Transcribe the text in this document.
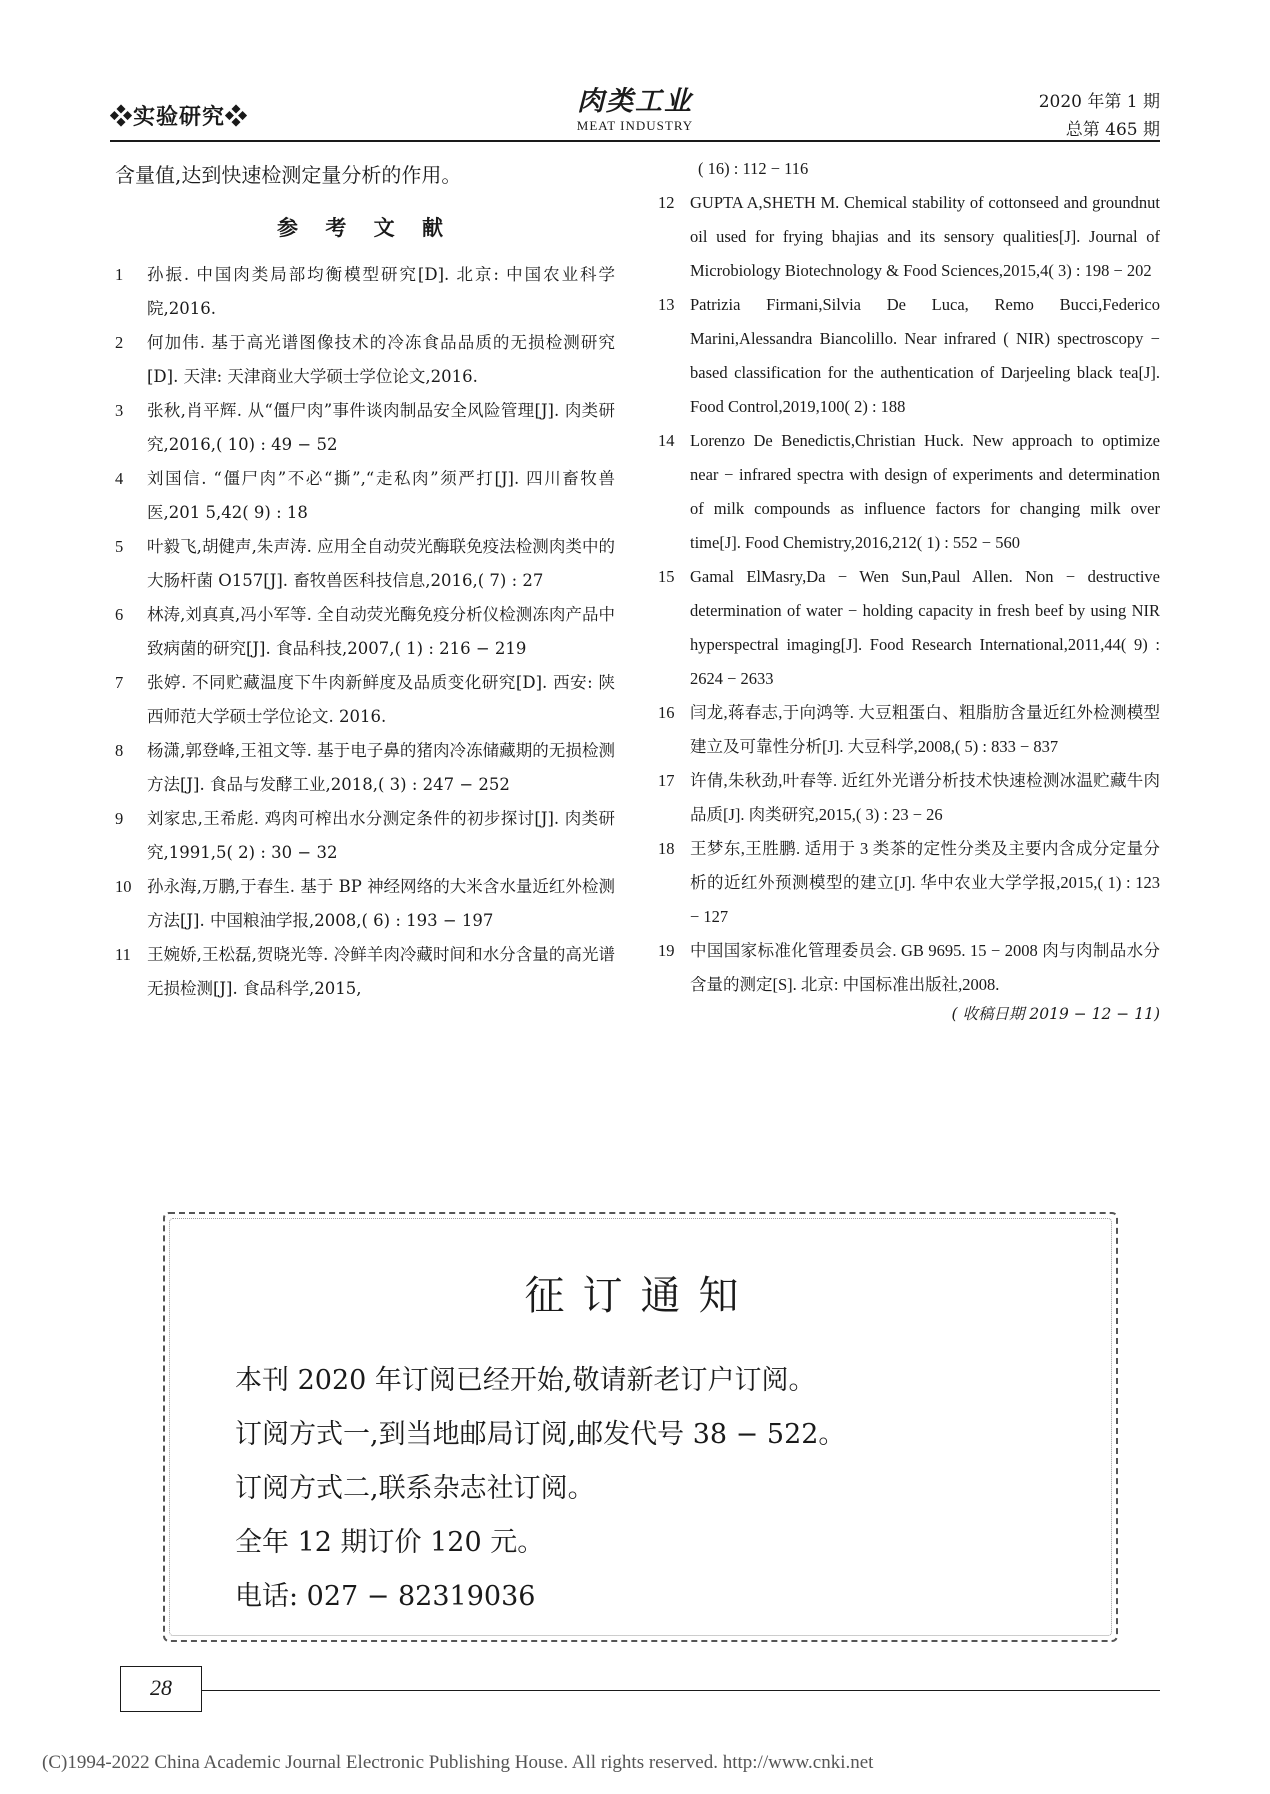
❖实验研究❖	肉类工业
MEAT INDUSTRY
2020 年第 1 期
总第 465 期
含量值,达到快速检测定量分析的作用。
参 考 文 献
1 孙振. 中国肉类局部均衡模型研究[D]. 北京: 中国农业科学院,2016.
2 何加伟. 基于高光谱图像技术的冷冻食品品质的无损检测研究[D]. 天津: 天津商业大学硕士学位论文,2016.
3 张秋,肖平辉. 从“僵尸肉”事件谈肉制品安全风险管理[J]. 肉类研究,2016,( 10) : 49 − 52
4 刘国信. “僵尸肉”不必“撕”,“走私肉”须严打[J]. 四川畜牧兽医,201 5,42( 9) : 18
5 叶毅飞,胡健声,朱声涛. 应用全自动荧光酶联免疫法检测肉类中的大肠杆菌 O157[J]. 畜牧兽医科技信息,2016,( 7) : 27
6 林涛,刘真真,冯小军等. 全自动荧光酶免疫分析仪检测冻肉产品中致病菌的研究[J]. 食品科技,2007,( 1) : 216 − 219
7 张婷. 不同贮藏温度下牛肉新鲜度及品质变化研究[D]. 西安: 陕西师范大学硕士学位论文. 2016.
8 杨潇,郭登峰,王祖文等. 基于电子鼻的猪肉冷冻储藏期的无损检测方法[J]. 食品与发酵工业,2018,( 3) : 247 − 252
9 刘家忠,王希彪. 鸡肉可榨出水分测定条件的初步探讨[J]. 肉类研究,1991,5( 2) : 30 − 32
10 孙永海,万鹏,于春生. 基于 BP 神经网络的大米含水量近红外检测方法[J]. 中国粮油学报,2008,( 6) : 193 − 197
11 王婉娇,王松磊,贺晓光等. 冷鲜羊肉冷藏时间和水分含量的高光谱无损检测[J]. 食品科学,2015,
( 16) : 112 − 116
12 GUPTA A,SHETH M. Chemical stability of cottonseed and groundnut oil used for frying bhajias and its sensory qualities[J]. Journal of Microbiology Biotechnology & Food Sciences,2015,4( 3) : 198 − 202
13 Patrizia Firmani,Silvia De Luca, Remo Bucci,Federico Marini,Alessandra Biancolillo. Near infrared ( NIR) spectroscopy − based classification for the authentication of Darjeeling black tea[J]. Food Control,2019,100( 2) : 188
14 Lorenzo De Benedictis,Christian Huck. New approach to optimize near − infrared spectra with design of experiments and determination of milk compounds as influence factors for changing milk over time[J]. Food Chemistry,2016,212( 1) : 552 − 560
15 Gamal ElMasry,Da − Wen Sun,Paul Allen. Non − destructive determination of water − holding capacity in fresh beef by using NIR hyperspectral imaging[J]. Food Research International,2011,44( 9) : 2624 − 2633
16 闫龙,蒋春志,于向鸿等. 大豆粗蛋白、粗脂肪含量近红外检测模型建立及可靠性分析[J]. 大豆科学,2008,( 5) : 833 − 837
17 许倩,朱秋劲,叶春等. 近红外光谱分析技术快速检测冰温贮藏牛肉品质[J]. 肉类研究,2015,( 3) : 23 − 26
18 王梦东,王胜鹏. 适用于 3 类茶的定性分类及主要内含成分定量分析的近红外预测模型的建立[J]. 华中农业大学学报,2015,( 1) : 123 − 127
19 中国国家标准化管理委员会. GB 9695. 15 − 2008 肉与肉制品水分含量的测定[S]. 北京: 中国标准出版社,2008.
( 收稿日期 2019 − 12 − 11)
征订通知
本刊 2020 年订阅已经开始,敬请新老订户订阅。
订阅方式一,到当地邮局订阅,邮发代号 38 − 522。
订阅方式二,联系杂志社订阅。
全年 12 期订价 120 元。
电话: 027 − 82319036
28
(C)1994-2022 China Academic Journal Electronic Publishing House. All rights reserved. http://www.cnki.net
